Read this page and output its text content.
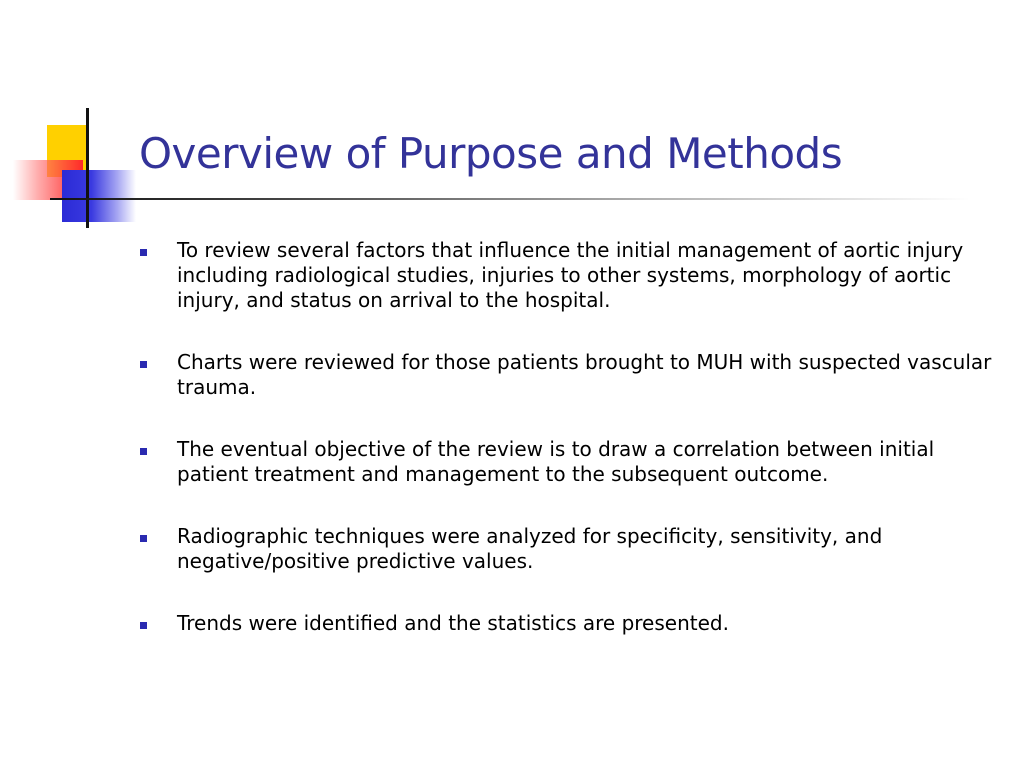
Overview of Purpose and Methods
To review several factors that influence the initial management of aortic injury including radiological studies, injuries to other systems, morphology of aortic injury, and status on arrival to the hospital.
Charts were reviewed for those patients brought to MUH with suspected vascular trauma.
The eventual objective of the review is to draw a correlation between initial patient treatment and management to the subsequent outcome.
Radiographic techniques were analyzed for specificity, sensitivity, and negative/positive predictive values.
Trends were identified and the statistics are presented.
